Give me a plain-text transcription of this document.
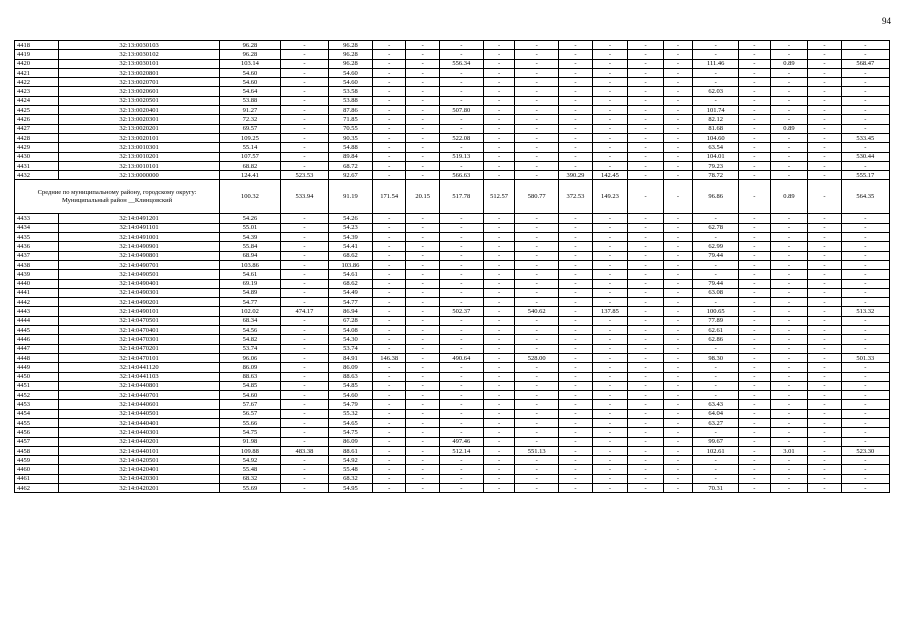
94
4418	32:13:0030103	96.28	-	96.28	-	-	-	-	-	-	-	-	-	-	-	-	-	-
4419	32:13:0030102	96.28	-	96.28	-	-	-	-	-	-	-	-	-	-	-	-	-	-
4420	32:13:0030101	103.14	-	96.28	-	-	556.34	-	-	-	-	-	-	111.46	-	0.89	-	568.47
4421	32:13:0020801	54.60	-	54.60	-	-	-	-	-	-	-	-	-	-	-	-	-	-
4422	32:13:0020701	54.60	-	54.60	-	-	-	-	-	-	-	-	-	-	-	-	-	-
4423	32:13:0020601	54.64	-	53.58	-	-	-	-	-	-	-	-	-	62.03	-	-	-	-
4424	32:13:0020501	53.88	-	53.88	-	-	-	-	-	-	-	-	-	-	-	-	-	-
4425	32:13:0020401	91.27	-	87.86	-	-	507.80	-	-	-	-	-	-	101.74	-	-	-	-
4426	32:13:0020301	72.32	-	71.85	-	-	-	-	-	-	-	-	-	82.12	-	-	-	-
4427	32:13:0020201	69.57	-	70.55	-	-	-	-	-	-	-	-	-	81.68	-	0.89	-	-
4428	32:13:0020101	109.25	-	90.35	-	-	522.08	-	-	-	-	-	-	104.60	-	-	-	533.45
4429	32:13:0010301	55.14	-	54.88	-	-	-	-	-	-	-	-	-	63.54	-	-	-	-
4430	32:13:0010201	107.57	-	89.84	-	-	519.13	-	-	-	-	-	-	104.01	-	-	-	530.44
4431	32:13:0010101	68.82	-	68.72	-	-	-	-	-	-	-	-	-	79.23	-	-	-	-
4432	32:13:0000000	124.41	523.53	92.67	-	-	566.63	-	-	390.29	142.45	-	-	78.72	-	-	-	555.17
Средние по муниципальному району, городскому округу: Муниципальный район __Клинцовский		100.32	533.94	91.19	171.54	20.15	517.78	512.57	580.77	372.53	149.23	-	-	96.86	-	0.89	-	564.35
4433	32:14:0491201	54.26	-	54.26	-	-	-	-	-	-	-	-	-	-	-	-	-	-
4434	32:14:0491101	55.01	-	54.23	-	-	-	-	-	-	-	-	-	62.78	-	-	-	-
4435	32:14:0491001	54.39	-	54.39	-	-	-	-	-	-	-	-	-	-	-	-	-	-
4436	32:14:0490901	55.84	-	54.41	-	-	-	-	-	-	-	-	-	62.99	-	-	-	-
4437	32:14:0490801	68.94	-	68.62	-	-	-	-	-	-	-	-	-	79.44	-	-	-	-
4438	32:14:0490701	103.86	-	103.86	-	-	-	-	-	-	-	-	-	-	-	-	-	-
4439	32:14:0490501	54.61	-	54.61	-	-	-	-	-	-	-	-	-	-	-	-	-	-
4440	32:14:0490401	69.19	-	68.62	-	-	-	-	-	-	-	-	-	79.44	-	-	-	-
4441	32:14:0490301	54.89	-	54.49	-	-	-	-	-	-	-	-	-	63.08	-	-	-	-
4442	32:14:0490201	54.77	-	54.77	-	-	-	-	-	-	-	-	-	-	-	-	-	-
4443	32:14:0490101	102.02	474.17	86.94	-	-	502.37	-	540.62	-	137.85	-	-	100.65	-	-	-	513.32
4444	32:14:0470501	68.34	-	67.28	-	-	-	-	-	-	-	-	-	77.89	-	-	-	-
4445	32:14:0470401	54.56	-	54.08	-	-	-	-	-	-	-	-	-	62.61	-	-	-	-
4446	32:14:0470301	54.82	-	54.30	-	-	-	-	-	-	-	-	-	62.86	-	-	-	-
4447	32:14:0470201	53.74	-	53.74	-	-	-	-	-	-	-	-	-	-	-	-	-	-
4448	32:14:0470101	96.06	-	84.91	146.38	-	490.64	-	528.00	-	-	-	-	98.30	-	-	-	501.33
4449	32:14:0441120	86.09	-	86.09	-	-	-	-	-	-	-	-	-	-	-	-	-	-
4450	32:14:0441103	88.63	-	88.63	-	-	-	-	-	-	-	-	-	-	-	-	-	-
4451	32:14:0440801	54.85	-	54.85	-	-	-	-	-	-	-	-	-	-	-	-	-	-
4452	32:14:0440701	54.60	-	54.60	-	-	-	-	-	-	-	-	-	-	-	-	-	-
4453	32:14:0440601	57.67	-	54.79	-	-	-	-	-	-	-	-	-	63.43	-	-	-	-
4454	32:14:0440501	56.57	-	55.32	-	-	-	-	-	-	-	-	-	64.04	-	-	-	-
4455	32:14:0440401	55.66	-	54.65	-	-	-	-	-	-	-	-	-	63.27	-	-	-	-
4456	32:14:0440301	54.75	-	54.75	-	-	-	-	-	-	-	-	-	-	-	-	-	-
4457	32:14:0440201	91.98	-	86.09	-	-	497.46	-	-	-	-	-	-	99.67	-	-	-	-
4458	32:14:0440101	109.88	483.38	88.61	-	-	512.14	-	551.13	-	-	-	-	102.61	-	3.01	-	523.30
4459	32:14:0420501	54.92	-	54.92	-	-	-	-	-	-	-	-	-	-	-	-	-	-
4460	32:14:0420401	55.48	-	55.48	-	-	-	-	-	-	-	-	-	-	-	-	-	-
4461	32:14:0420301	68.32	-	68.32	-	-	-	-	-	-	-	-	-	-	-	-	-	-
4462	32:14:0420201	55.69	-	54.95	-	-	-	-	-	-	-	-	-	70.31	-	-	-	-
